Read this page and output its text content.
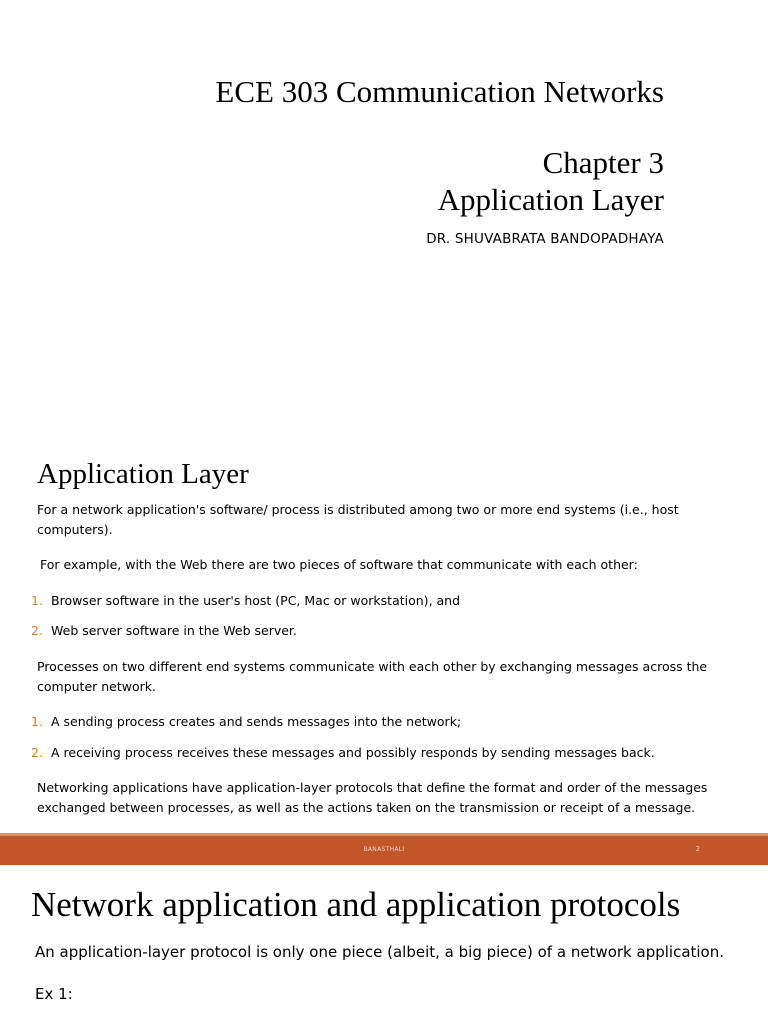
ECE 303 Communication Networks
Chapter 3
Application Layer
DR. SHUVABRATA BANDOPADHAYA
Application Layer
For a network application's software/ process is distributed among two or more end systems (i.e., host computers).
For example, with the Web there are two pieces of software that communicate with each other:
1. Browser software in the user's host (PC, Mac or workstation), and
2. Web server software in the Web server.
Processes on two different end systems communicate with each other by exchanging messages across the computer network.
1. A sending process creates and sends messages into the network;
2. A receiving process receives these messages and possibly responds by sending messages back.
Networking applications have application-layer protocols that define the format and order of the messages exchanged between processes, as well as the actions taken on the transmission or receipt of a message.
BANASTHALI	2
Network application and application protocols
An application-layer protocol is only one piece (albeit, a big piece) of a network application.
Ex 1:
